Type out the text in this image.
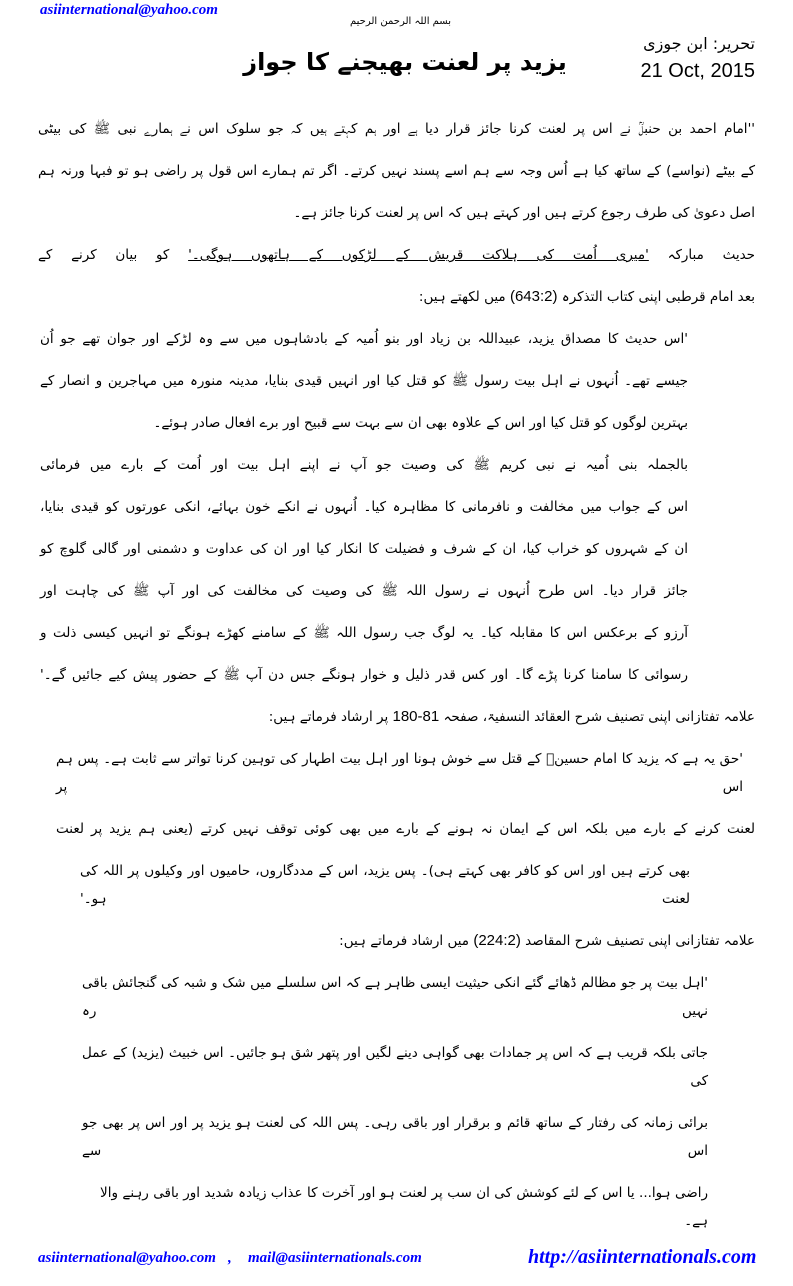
asiinternational@yahoo.com
بسم اللہ الرحمن الرحیم
تحریر: ابن جوزی
21 Oct, 2015
یزید پر لعنت بھیجنے کا جواز
''امام احمد بن حنبلؒ نے اس پر لعنت کرنا جائز قرار دیا ہے اور ہم کہتے ہیں کہ جو سلوک اس نے ہمارے نبی ﷺ کی بیٹی
کے بیٹے (نواسے) کے ساتھ کیا ہے اُس وجہ سے ہم اسے پسند نہیں کرتے۔ اگر تم ہمارے اس قول پر راضی ہو تو فبہا ورنہ ہم
اصل دعویٰ کی طرف رجوع کرتے ہیں اور کہتے ہیں کہ اس پر لعنت کرنا جائز ہے۔
حدیث مبارکہ 'میری اُمت کی ہلاکت قریش کے لڑکوں کے ہاتھوں ہوگی۔' کو بیان کرنے کے
بعد امام قرطبی اپنی کتاب التذکرہ (643:2) میں لکھتے ہیں:
'اس حدیث کا مصداق یزید، عبیداللہ بن زیاد اور بنو اُمیہ کے بادشاہوں میں سے وہ لڑکے اور جوان تھے جو اُن
جیسے تھے۔ اُنہوں نے اہل بیت رسول ﷺ کو قتل کیا اور انہیں قیدی بنایا، مدینہ منورہ میں مہاجرین و انصار کے
بہترین لوگوں کو قتل کیا اور اس کے علاوہ بھی ان سے بہت سے قبیح اور برے افعال صادر ہوئے۔
بالجملہ بنی اُمیہ نے نبی کریم ﷺ کی وصیت جو آپ نے اپنے اہل بیت اور اُمت کے بارے میں فرمائی
اس کے جواب میں مخالفت و نافرمانی کا مظاہرہ کیا۔ اُنہوں نے انکے خون بہائے، انکی عورتوں کو قیدی بنایا،
ان کے شہروں کو خراب کیا، ان کے شرف و فضیلت کا انکار کیا اور ان کی عداوت و دشمنی اور گالی گلوچ کو
جائز قرار دیا۔ اس طرح اُنہوں نے رسول اللہ ﷺ کی وصیت کی مخالفت کی اور آپ ﷺ کی چاہت اور
آرزو کے برعکس اس کا مقابلہ کیا۔ یہ لوگ جب رسول اللہ ﷺ کے سامنے کھڑے ہونگے تو انہیں کیسی ذلت و
رسوائی کا سامنا کرنا پڑے گا۔ اور کس قدر ذلیل و خوار ہونگے جس دن آپ ﷺ کے حضور پیش کیے جائیں گے۔'
علامہ تفتازانی اپنی تصنیف شرح العقائد النسفیۃ، صفحہ 180-81 پر ارشاد فرماتے ہیں:
'حق یہ ہے کہ یزید کا امام حسینؓ کے قتل سے خوش ہونا اور اہل بیت اطہار کی توہین کرنا تواتر سے ثابت ہے۔ پس ہم اس پر
لعنت کرنے کے بارے میں بلکہ اس کے ایمان نہ ہونے کے بارے میں بھی کوئی توقف نہیں کرتے (یعنی ہم یزید پر لعنت
بھی کرتے ہیں اور اس کو کافر بھی کہتے ہی)۔ پس یزید، اس کے مددگاروں، حامیوں اور وکیلوں پر اللہ کی لعنت ہو۔'
علامہ تفتازانی اپنی تصنیف شرح المقاصد (224:2) میں ارشاد فرماتے ہیں:
'اہل بیت پر جو مظالم ڈھائے گئے انکی حیثیت ایسی ظاہر ہے کہ اس سلسلے میں شک و شبہ کی گنجائش باقی نہیں رہ
جاتی بلکہ قریب ہے کہ اس پر جمادات بھی گواہی دینے لگیں اور پتھر شق ہو جائیں۔ اس خبیث (یزید) کے عمل کی
برائی زمانہ کی رفتار کے ساتھ قائم و برقرار اور باقی رہی۔ پس اللہ کی لعنت ہو یزید پر اور اس پر بھی جو اس سے
راضی ہوا... یا اس کے لئے کوشش کی ان سب پر لعنت ہو اور آخرت کا عذاب زیادہ شدید اور باقی رہنے والا ہے۔
asiinternational@yahoo.com , mail@asiinternationals.com	http://asiinternationals.com
